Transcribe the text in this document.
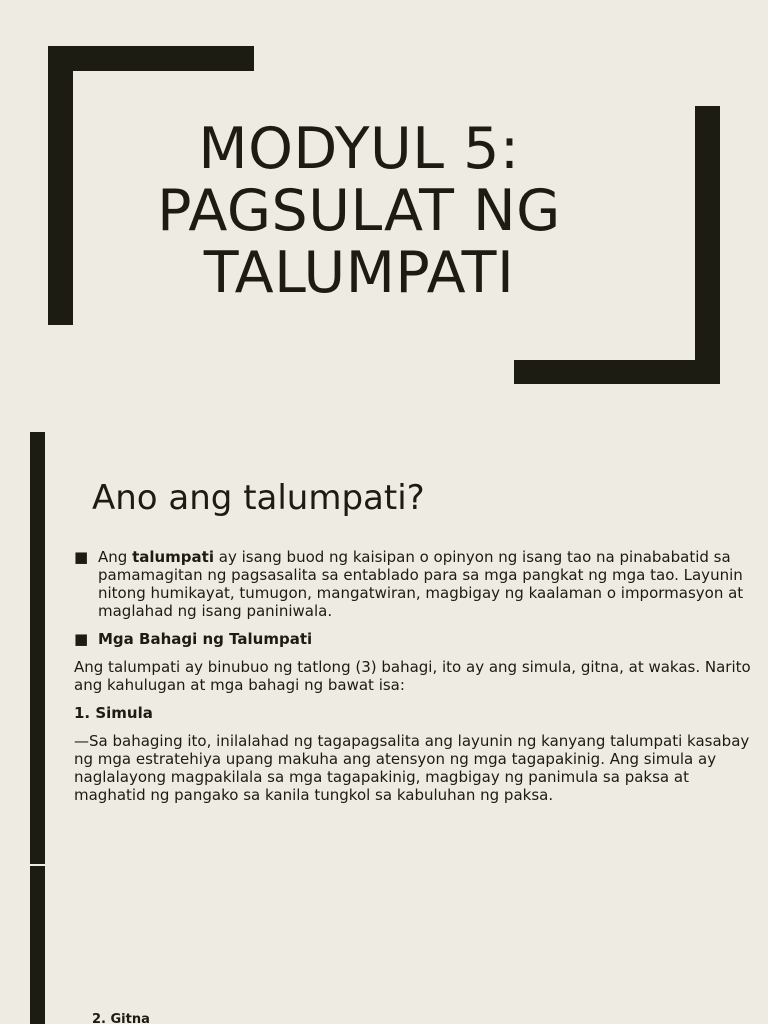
MODYUL 5:
PAGSULAT NG
TALUMPATI
Ano ang talumpati?

■ Ang talumpati ay isang buod ng kaisipan o opinyon ng isang tao na pinababatid sa pamamagitan ng pagsasalita sa entablado para sa mga pangkat ng mga tao. Layunin nitong humikayat, tumugon, mangatwiran, magbigay ng kaalaman o impormasyon at maglahad ng isang paniniwala.

■ Mga Bahagi ng Talumpati

Ang talumpati ay binubuo ng tatlong (3) bahagi, ito ay ang simula, gitna, at wakas. Narito ang kahulugan at mga bahagi ng bawat isa:

1. Simula

—Sa bahaging ito, inilalahad ng tagapagsalita ang layunin ng kanyang talumpati kasabay ng mga estratehiya upang makuha ang atensyon ng mga tagapakinig. Ang simula ay naglalayong magpakilala sa mga tagapakinig, magbigay ng panimula sa paksa at maghatid ng pangako sa kanila tungkol sa kabuluhan ng paksa.

2. Gitna
